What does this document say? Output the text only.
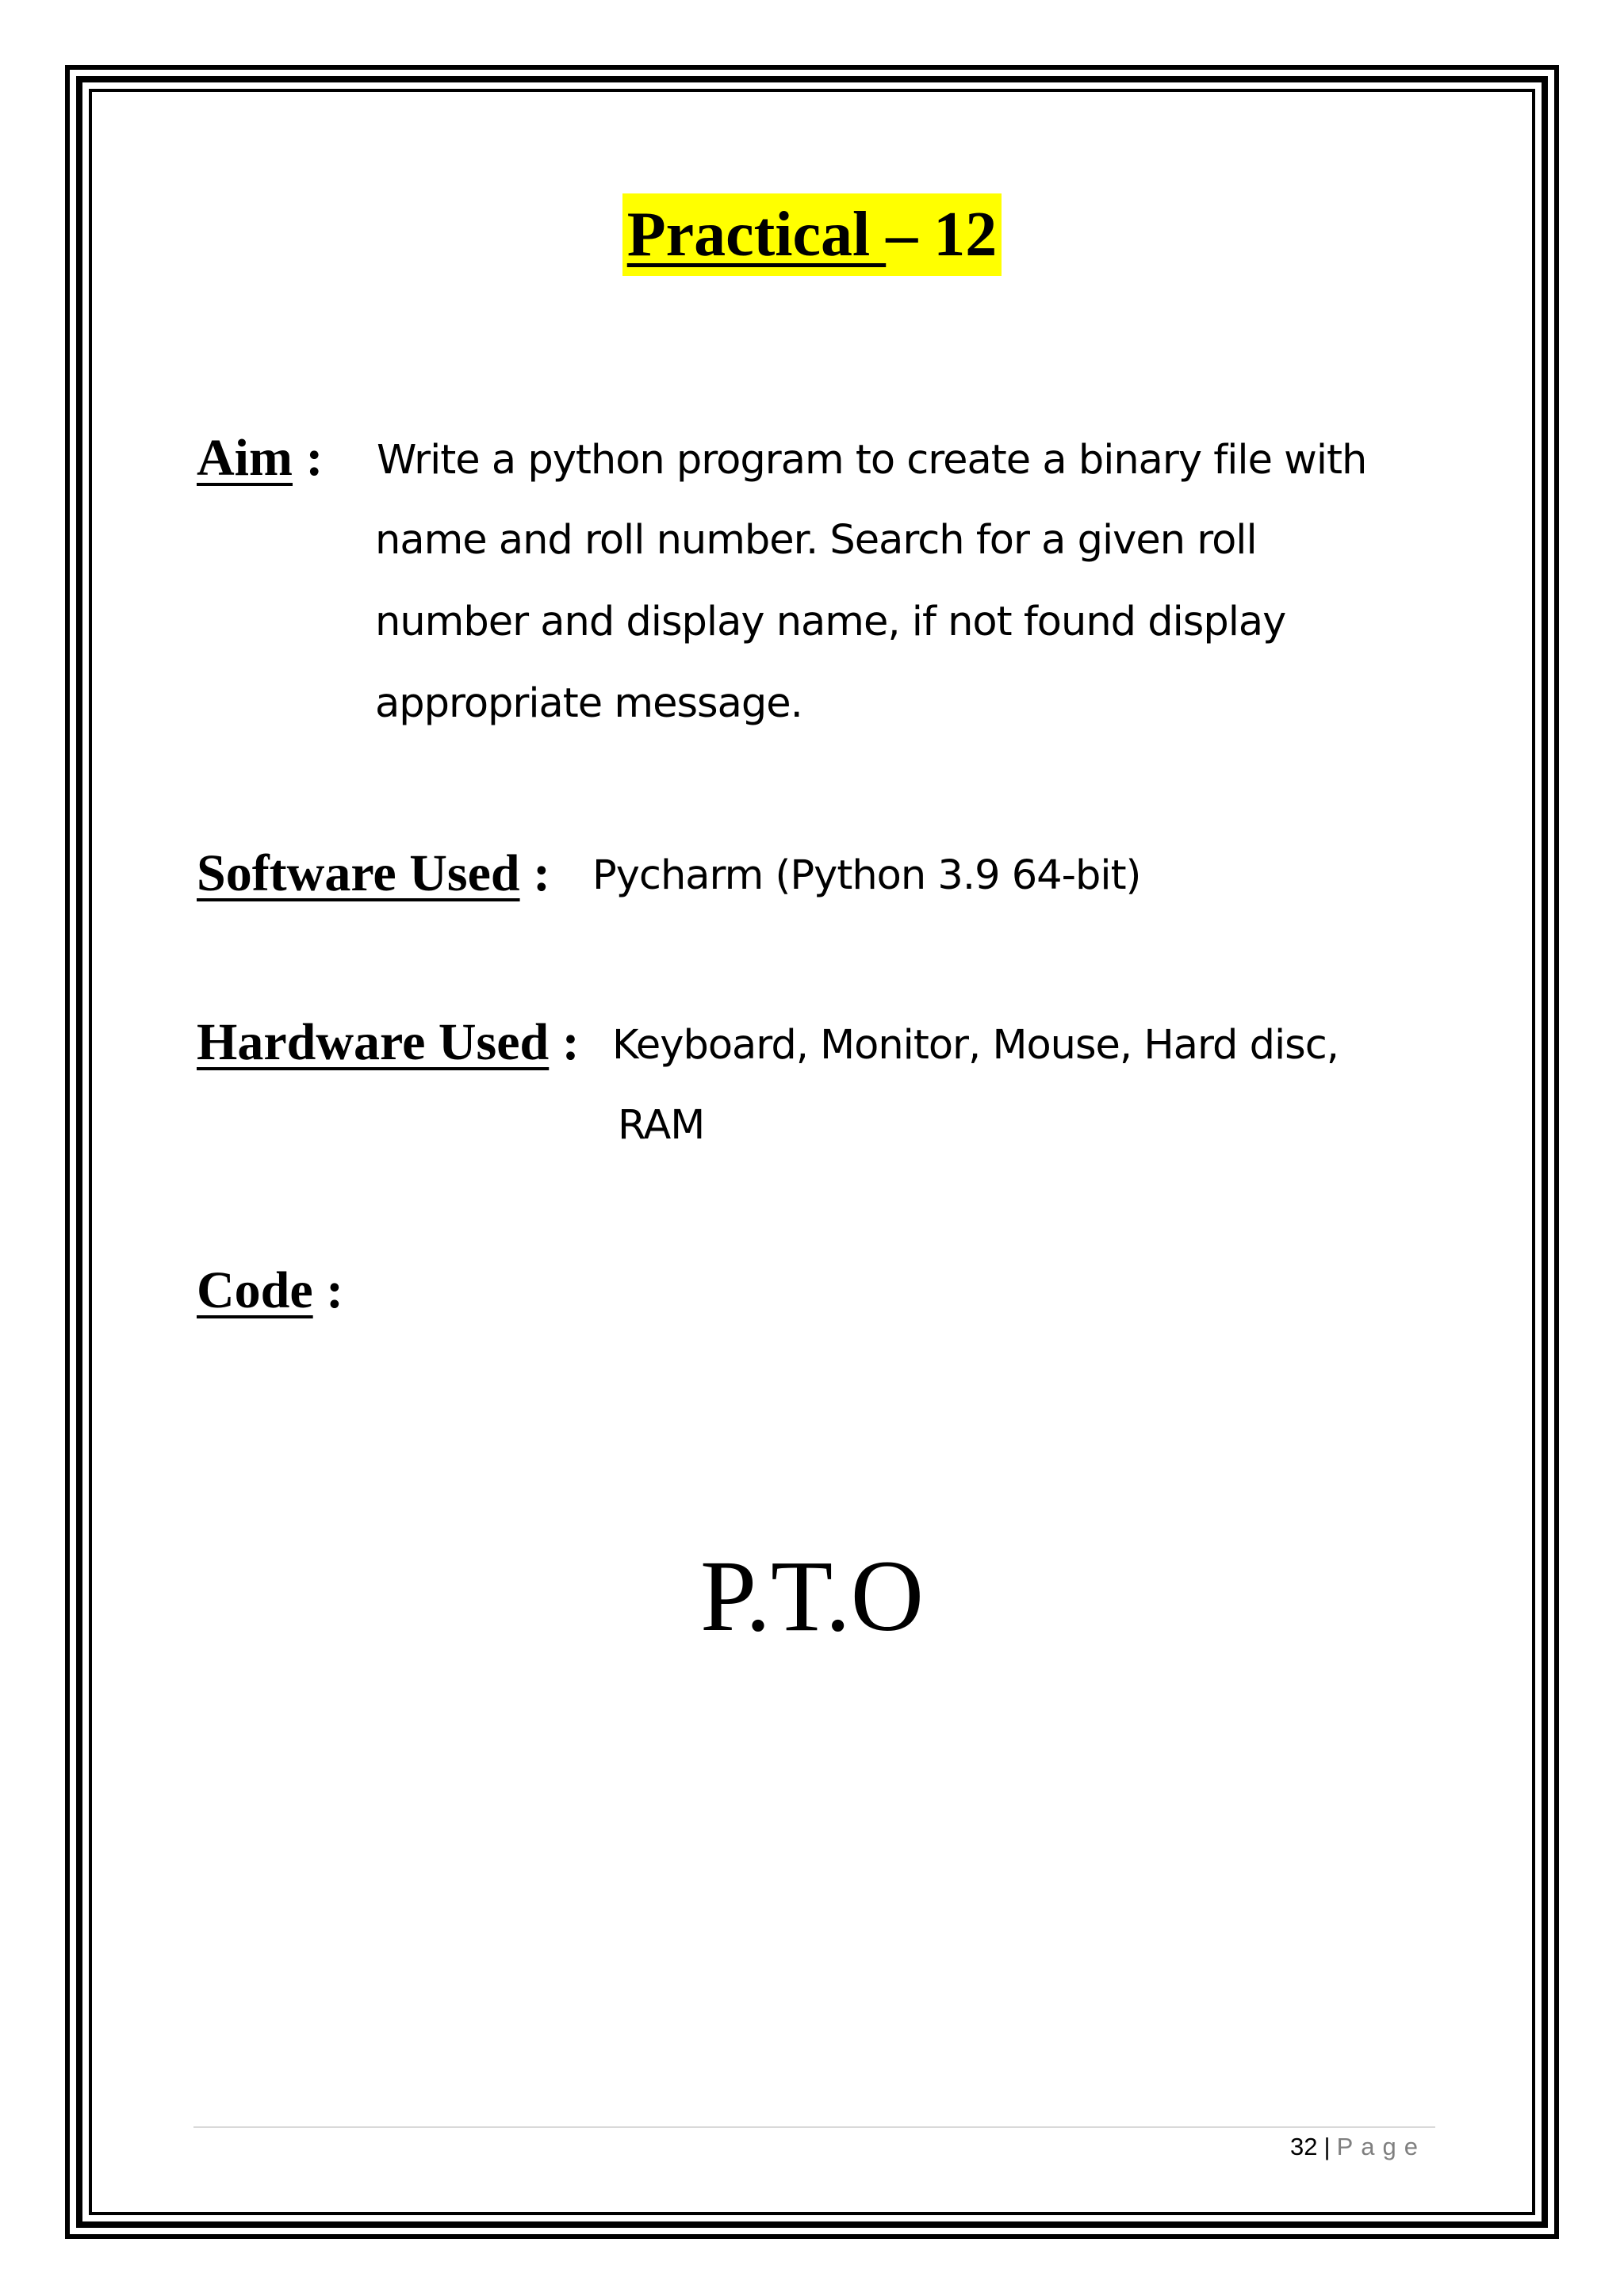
Practical – 12
Aim : Write a python program to create a binary file with
name and roll number. Search for a given roll
number and display name, if not found display
appropriate message.
Software Used : Pycharm (Python 3.9 64-bit)
Hardware Used : Keyboard, Monitor, Mouse, Hard disc,
RAM
Code :
P.T.O
32 | Page
